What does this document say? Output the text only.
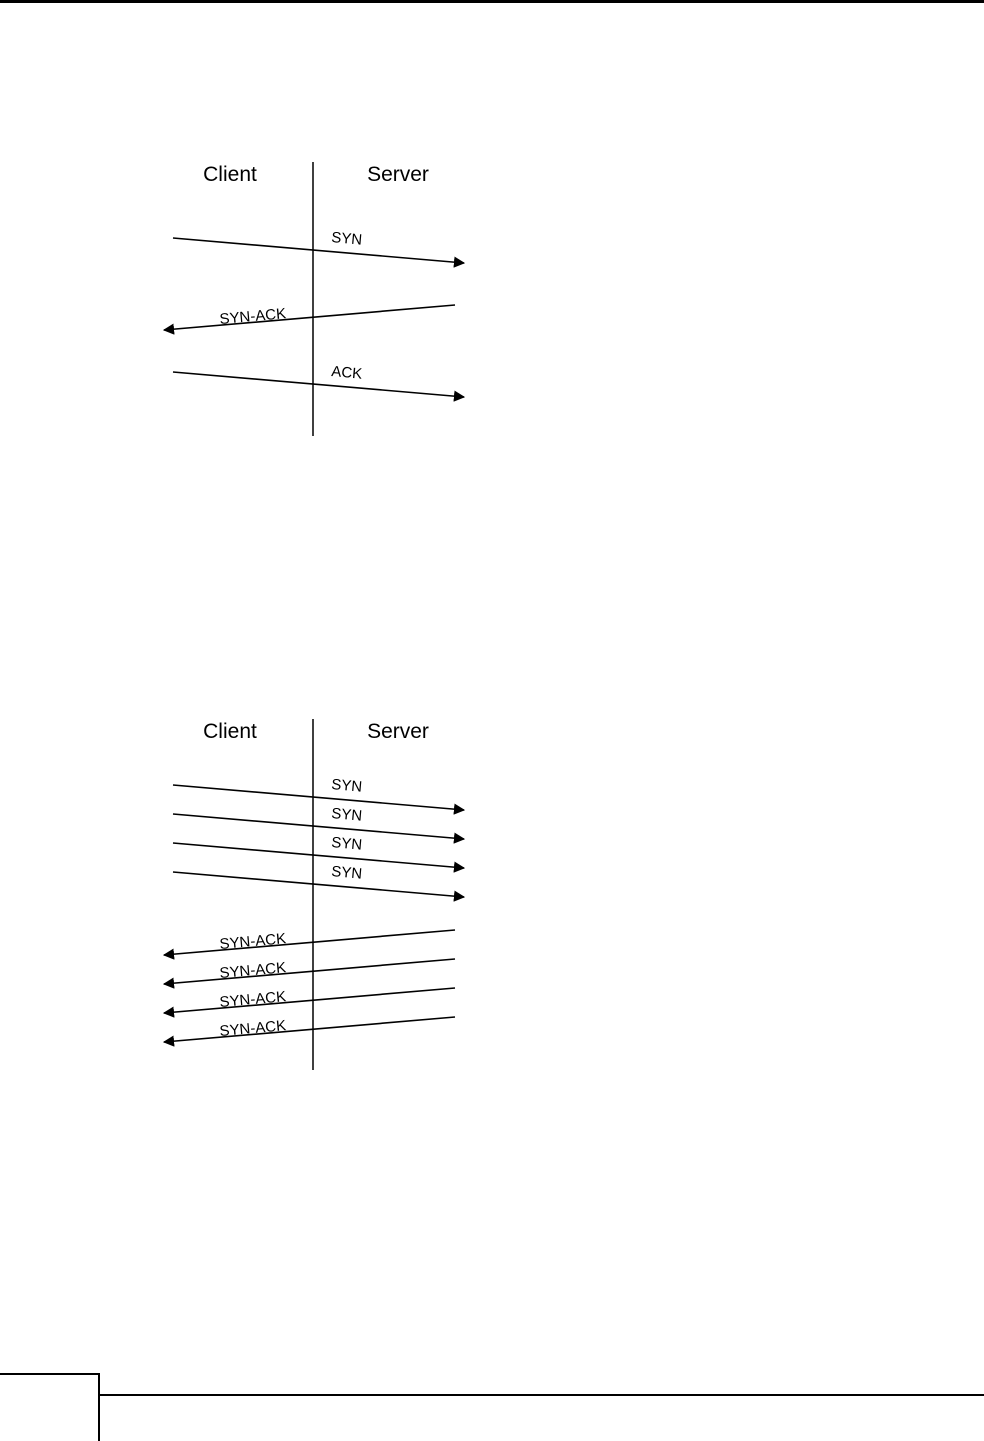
Client	Server
SYN
SYN-ACK
ACK
Client	Server
SYN
SYN
SYN
SYN
SYN-ACK
SYN-ACK
SYN-ACK
SYN-ACK
